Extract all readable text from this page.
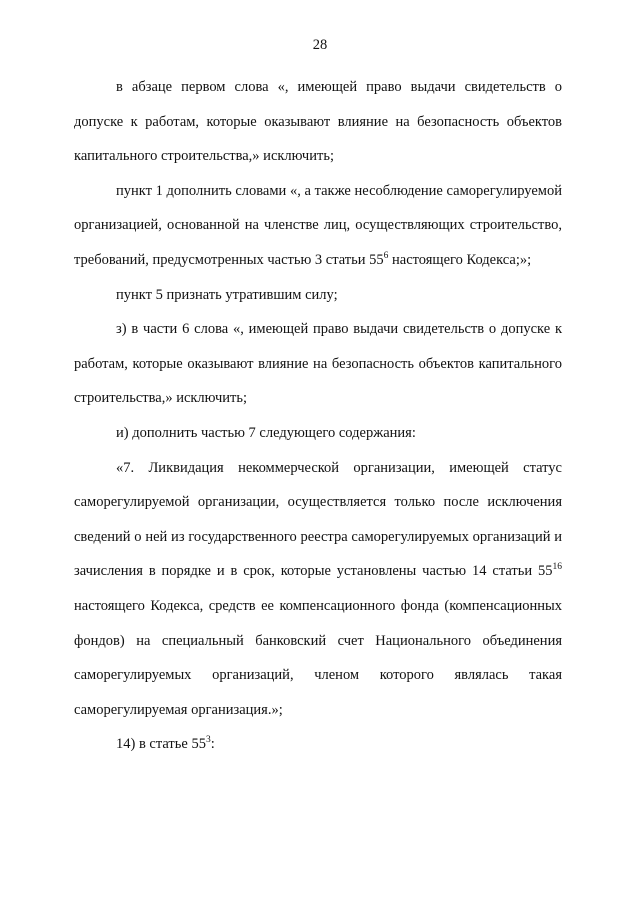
28

в абзаце первом слова «, имеющей право выдачи свидетельств о допуске к работам, которые оказывают влияние на безопасность объектов капитального строительства,» исключить;

пункт 1 дополнить словами «, а также несоблюдение саморегулируемой организацией, основанной на членстве лиц, осуществляющих строительство, требований, предусмотренных частью 3 статьи $55^6$ настоящего Кодекса;»;

пункт 5 признать утратившим силу;

з) в части 6 слова «, имеющей право выдачи свидетельств о допуске к работам, которые оказывают влияние на безопасность объектов капитального строительства,» исключить;

и) дополнить частью 7 следующего содержания:

«7. Ликвидация некоммерческой организации, имеющей статус саморегулируемой организации, осуществляется только после исключения сведений о ней из государственного реестра саморегулируемых организаций и зачисления в порядке и в срок, которые установлены частью 14 статьи $55^{16}$ настоящего Кодекса, средств ее компенсационного фонда (компенсационных фондов) на специальный банковский счет Национального объединения саморегулируемых организаций, членом которого являлась такая саморегулируемая организация.»;

14) в статье $55^3$:
